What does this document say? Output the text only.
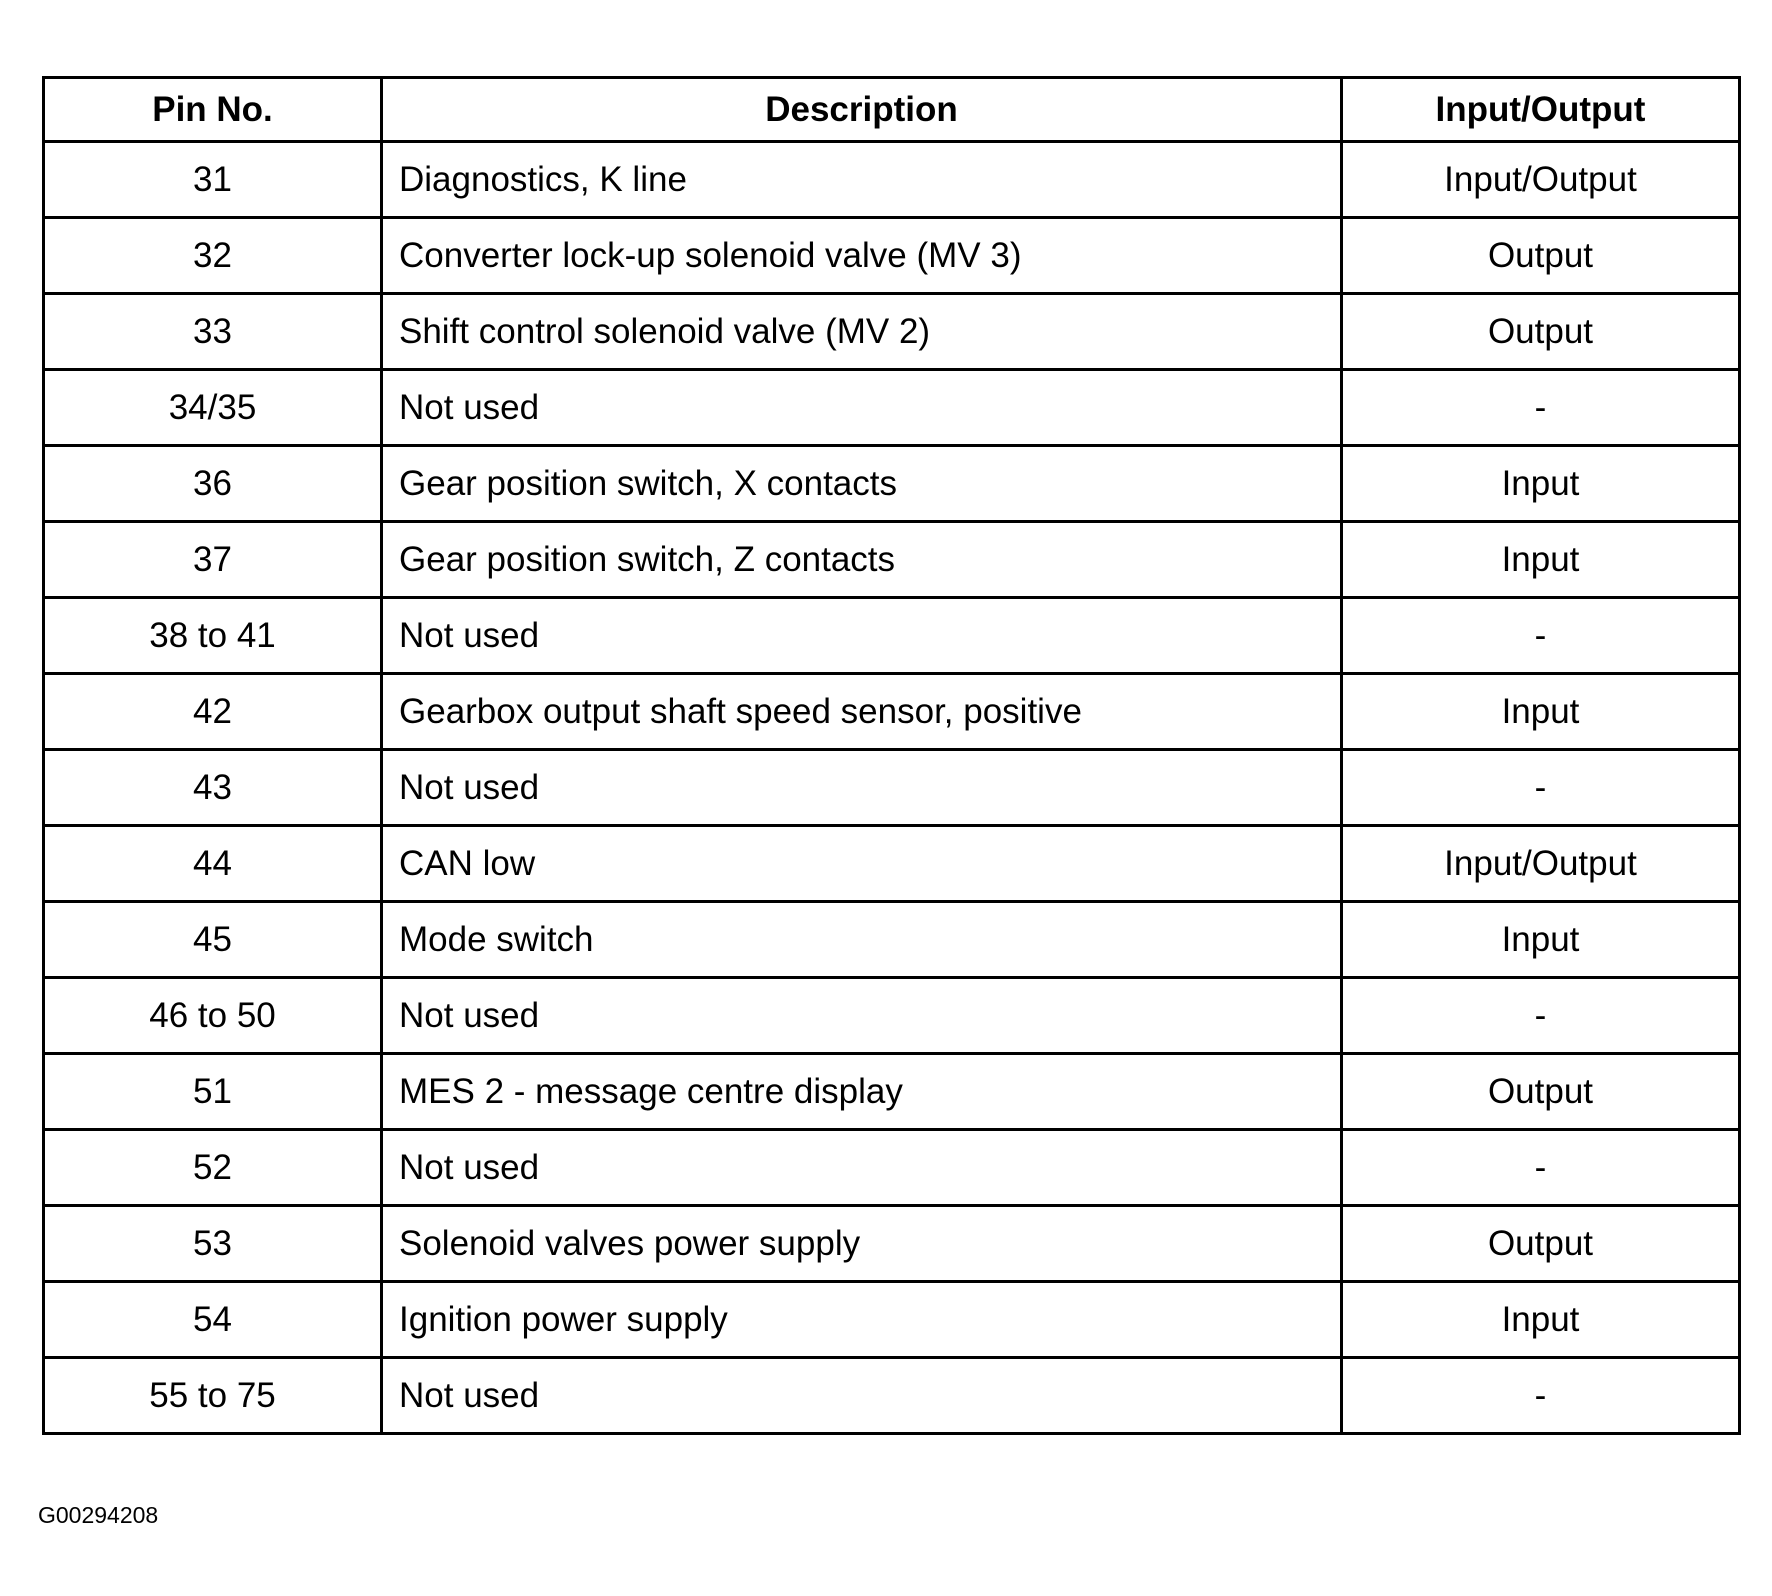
Pin No.	Description	Input/Output
31	Diagnostics, K line	Input/Output
32	Converter lock-up solenoid valve (MV 3)	Output
33	Shift control solenoid valve (MV 2)	Output
34/35	Not used	-
36	Gear position switch, X contacts	Input
37	Gear position switch, Z contacts	Input
38 to 41	Not used	-
42	Gearbox output shaft speed sensor, positive	Input
43	Not used	-
44	CAN low	Input/Output
45	Mode switch	Input
46 to 50	Not used	-
51	MES 2 - message centre display	Output
52	Not used	-
53	Solenoid valves power supply	Output
54	Ignition power supply	Input
55 to 75	Not used	-
G00294208
